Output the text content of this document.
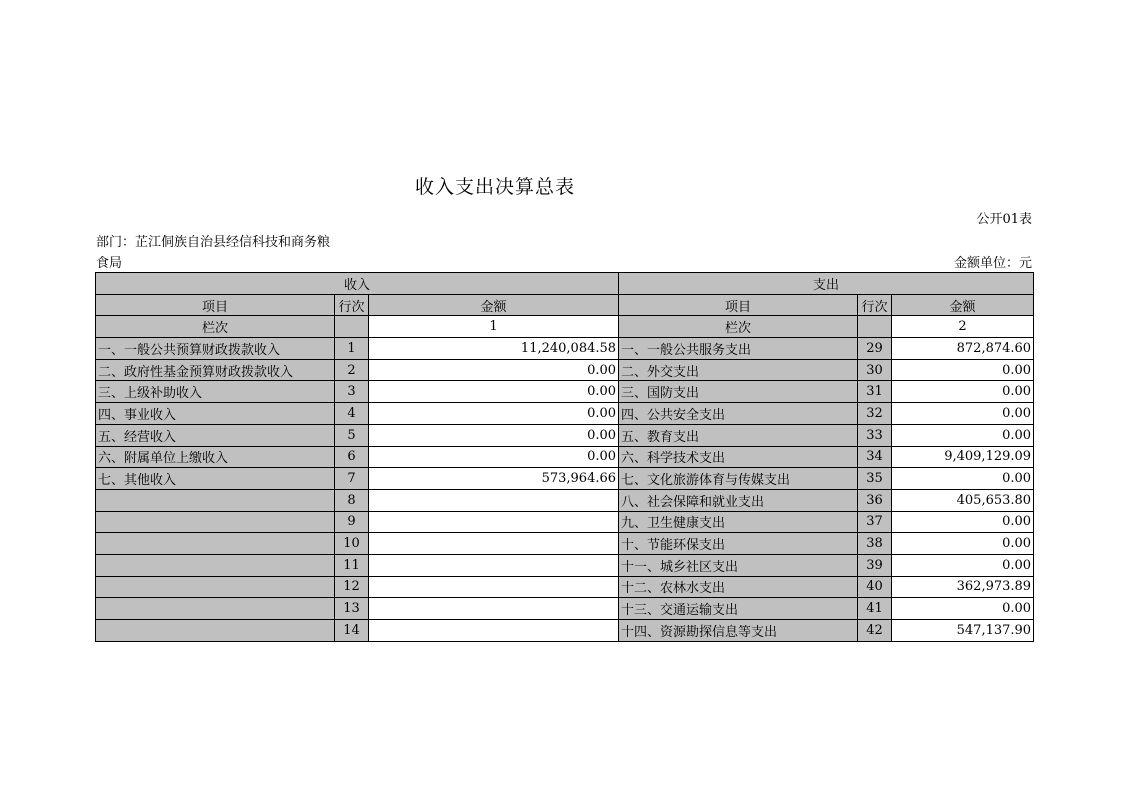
收入支出决算总表
公开01表
部门：芷江侗族自治县经信科技和商务粮
食局	金额单位：元
收入			支出		
项目	行次	金额	项目	行次	金额
栏次		1	栏次		2
一、一般公共预算财政拨款收入	1	11,240,084.58	一、一般公共服务支出	29	872,874.60
二、政府性基金预算财政拨款收入	2	0.00	二、外交支出	30	0.00
三、上级补助收入	3	0.00	三、国防支出	31	0.00
四、事业收入	4	0.00	四、公共安全支出	32	0.00
五、经营收入	5	0.00	五、教育支出	33	0.00
六、附属单位上缴收入	6	0.00	六、科学技术支出	34	9,409,129.09
七、其他收入	7	573,964.66	七、文化旅游体育与传媒支出	35	0.00
	8		八、社会保障和就业支出	36	405,653.80
	9		九、卫生健康支出	37	0.00
	10		十、节能环保支出	38	0.00
	11		十一、城乡社区支出	39	0.00
	12		十二、农林水支出	40	362,973.89
	13		十三、交通运输支出	41	0.00
	14		十四、资源勘探信息等支出	42	547,137.90
